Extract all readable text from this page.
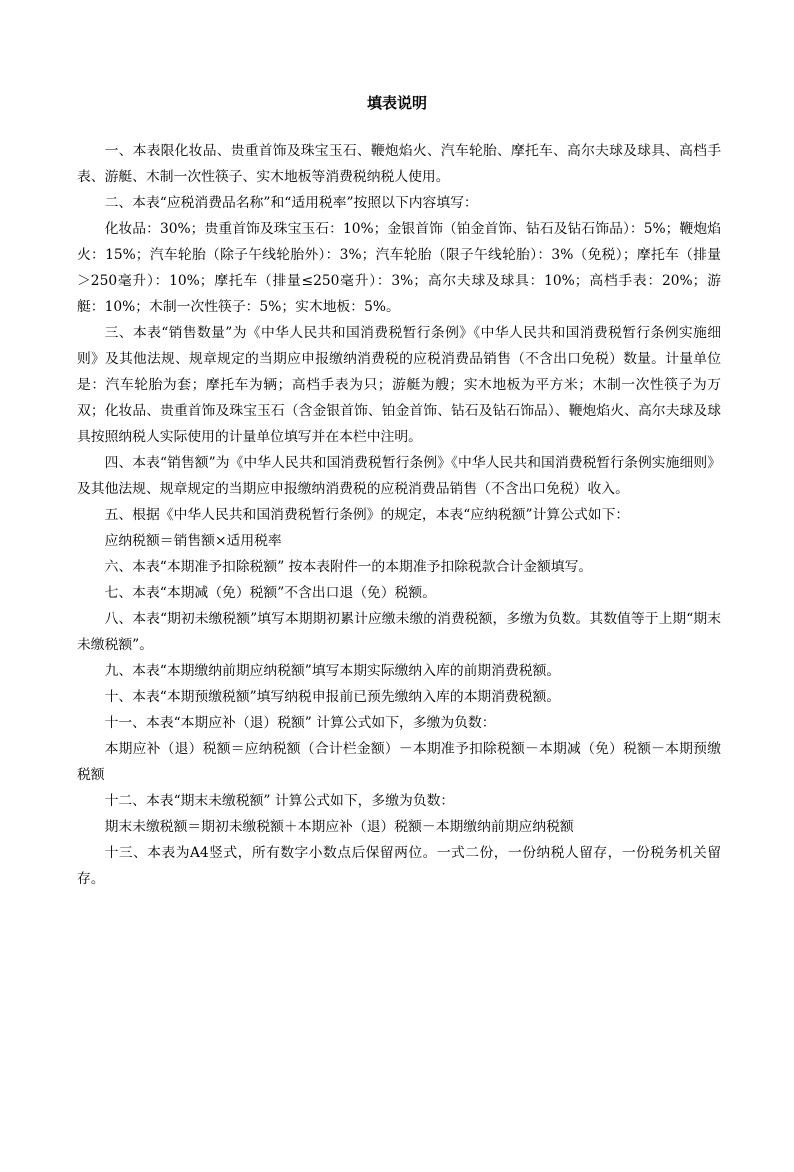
填表说明

一、本表限化妆品、贵重首饰及珠宝玉石、鞭炮焰火、汽车轮胎、摩托车、高尔夫球及球具、高档手表、游艇、木制一次性筷子、实木地板等消费税纳税人使用。

二、本表“应税消费品名称”和“适用税率”按照以下内容填写：

化妆品：30%；贵重首饰及珠宝玉石：10%；金银首饰（铂金首饰、钻石及钻石饰品）：5%；鞭炮焰火：15%；汽车轮胎（除子午线轮胎外）：3%；汽车轮胎（限子午线轮胎）：3%（免税）；摩托车（排量＞250毫升）：10%；摩托车（排量≤250毫升）：3%；高尔夫球及球具：10%；高档手表：20%；游艇：10%；木制一次性筷子：5%；实木地板：5%。

三、本表“销售数量”为《中华人民共和国消费税暂行条例》《中华人民共和国消费税暂行条例实施细则》及其他法规、规章规定的当期应申报缴纳消费税的应税消费品销售（不含出口免税）数量。计量单位是：汽车轮胎为套；摩托车为辆；高档手表为只；游艇为艘；实木地板为平方米；木制一次性筷子为万双；化妆品、贵重首饰及珠宝玉石（含金银首饰、铂金首饰、钻石及钻石饰品）、鞭炮焰火、高尔夫球及球具按照纳税人实际使用的计量单位填写并在本栏中注明。

四、本表“销售额”为《中华人民共和国消费税暂行条例》《中华人民共和国消费税暂行条例实施细则》及其他法规、规章规定的当期应申报缴纳消费税的应税消费品销售（不含出口免税）收入。

五、根据《中华人民共和国消费税暂行条例》的规定，本表“应纳税额”计算公式如下：

应纳税额＝销售额×适用税率

六、本表“本期准予扣除税额” 按本表附件一的本期准予扣除税款合计金额填写。

七、本表“本期减（免）税额”不含出口退（免）税额。

八、本表“期初未缴税额”填写本期期初累计应缴未缴的消费税额，多缴为负数。其数值等于上期“期末未缴税额”。

九、本表“本期缴纳前期应纳税额”填写本期实际缴纳入库的前期消费税额。

十、本表“本期预缴税额”填写纳税申报前已预先缴纳入库的本期消费税额。

十一、本表“本期应补（退）税额” 计算公式如下，多缴为负数：

本期应补（退）税额＝应纳税额（合计栏金额）－本期准予扣除税额－本期减（免）税额－本期预缴税额

十二、本表“期末未缴税额” 计算公式如下，多缴为负数：

期末未缴税额＝期初未缴税额＋本期应补（退）税额－本期缴纳前期应纳税额

十三、本表为A4竖式，所有数字小数点后保留两位。一式二份，一份纳税人留存，一份税务机关留存。
